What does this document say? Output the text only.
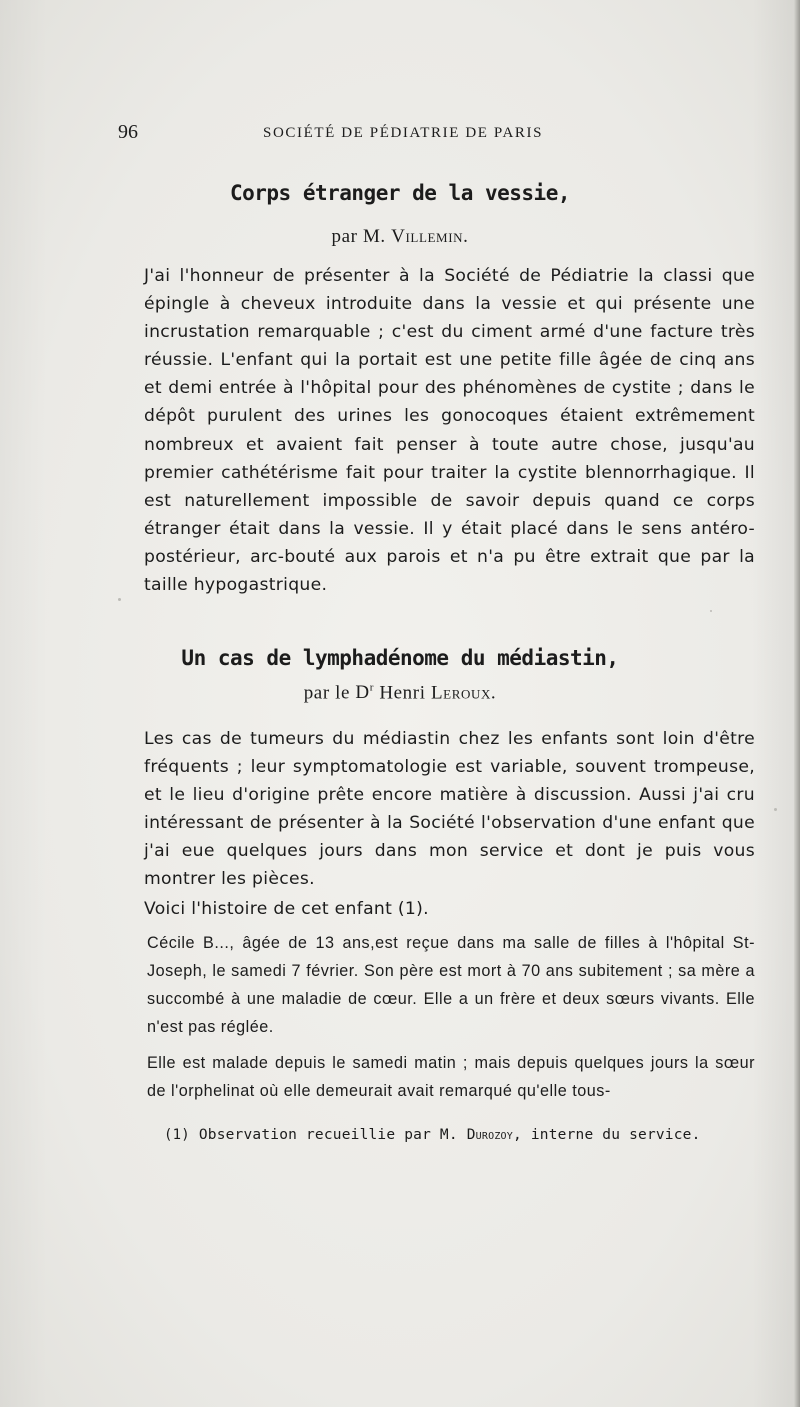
96	SOCIÉTÉ DE PÉDIATRIE DE PARIS
Corps étranger de la vessie,
par M. Villemin.
J'ai l'honneur de présenter à la Société de Pédiatrie la classi que épingle à cheveux introduite dans la vessie et qui présente une incrustation remarquable ; c'est du ciment armé d'une facture très réussie. L'enfant qui la portait est une petite fille âgée de cinq ans et demi entrée à l'hôpital pour des phénomènes de cystite ; dans le dépôt purulent des urines les gonocoques étaient extrêmement nombreux et avaient fait penser à toute autre chose, jusqu'au premier cathétérisme fait pour traiter la cystite blennorrhagique. Il est naturellement impossible de savoir depuis quand ce corps étranger était dans la vessie. Il y était placé dans le sens antéro-postérieur, arc-bouté aux parois et n'a pu être extrait que par la taille hypogastrique.
Un cas de lymphadénome du médiastin,
par le $D^r$ Henri Leroux.
Les cas de tumeurs du médiastin chez les enfants sont loin d'être fréquents ; leur symptomatologie est variable, souvent trompeuse, et le lieu d'origine prête encore matière à discussion. Aussi j'ai cru intéressant de présenter à la Société l'observation d'une enfant que j'ai eue quelques jours dans mon service et dont je puis vous montrer les pièces.
Voici l'histoire de cet enfant (1).
Cécile B..., âgée de 13 ans,est reçue dans ma salle de filles à l'hôpital St-Joseph, le samedi 7 février. Son père est mort à 70 ans subitement ; sa mère a succombé à une maladie de cœur. Elle a un frère et deux sœurs vivants. Elle n'est pas réglée.
Elle est malade depuis le samedi matin ; mais depuis quelques jours la sœur de l'orphelinat où elle demeurait avait remarqué qu'elle tous-
(1) Observation recueillie par M. Durozoy, interne du service.
